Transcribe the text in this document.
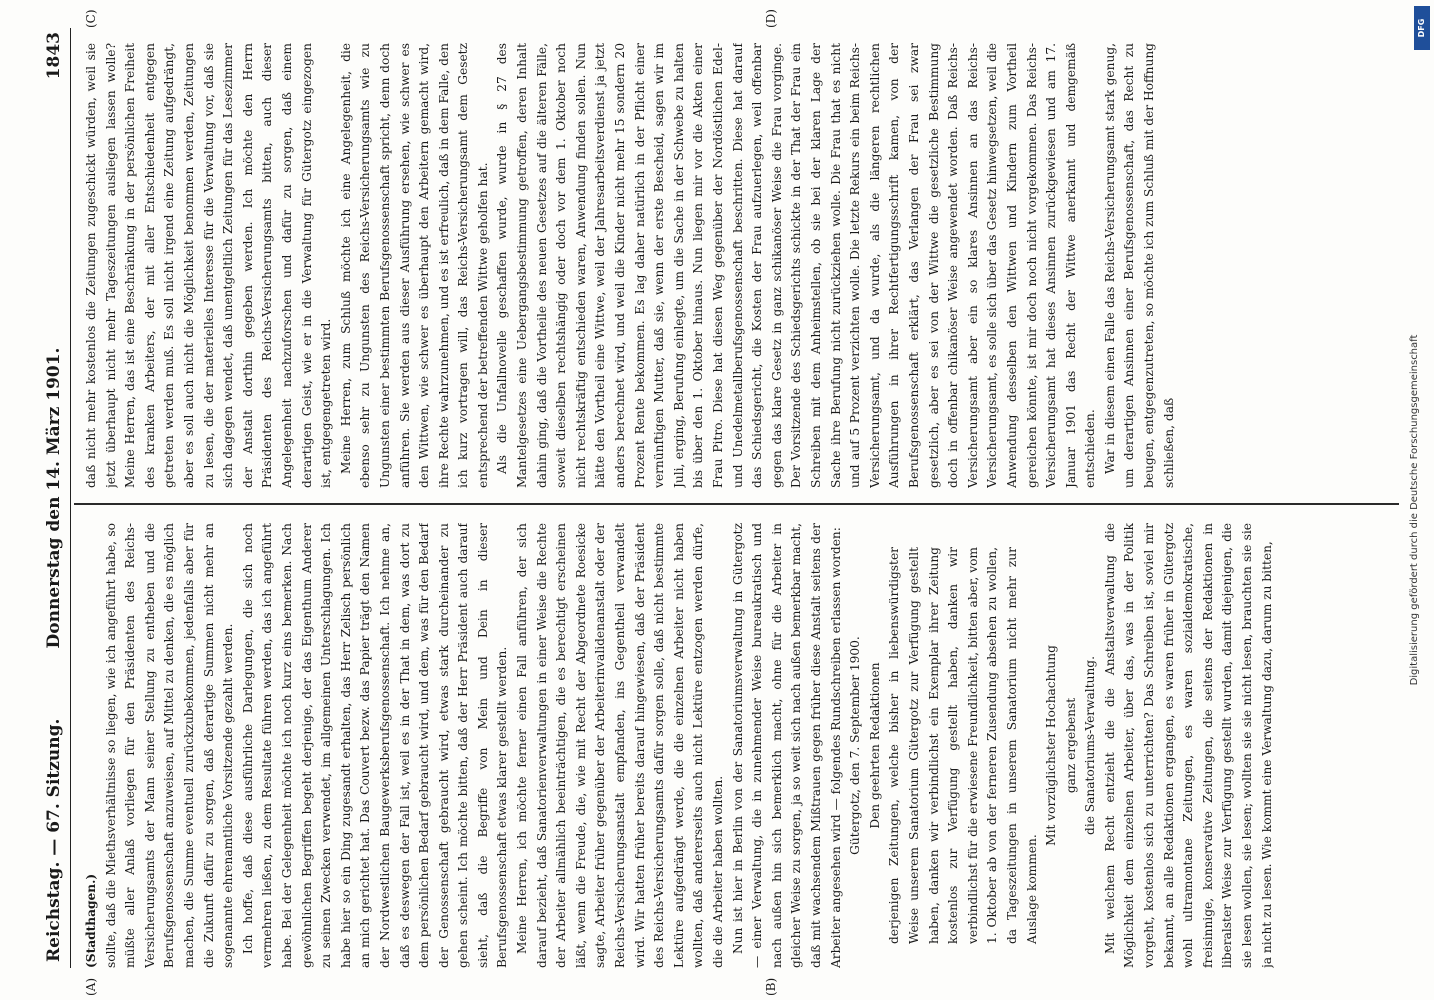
Reichstag. — 67. Sitzung.
Donnerstag den 14. März 1901.
1843

(Stadthagen.) sollte, daß die Miethsverhältnisse so liegen, wie ich angeführt habe, so müßte aller Anlaß vorliegen für den Präsidenten des Reichs-Versicherungsamts der Mann seiner Stellung zu entheben und die Berufsgenossenschaft anzuweisen, auf Mittel zu denken, die es möglich machen, die Summe eventuell zurückzubekommen, jedenfalls aber für die Zukunft dafür zu sorgen, daß derartige Summen nicht mehr an sogenannte ehrenamtliche Vorsitzende gezahlt werden. Ich hoffe, daß diese ausführliche Darlegungen, die sich noch vermehren ließen, zu dem Resultate führen werden, das ich angeführt habe. Bei der Gelegenheit möchte ich noch kurz eins bemerken. Nach gewöhnlichen Begriffen begeht derjenige, der das Eigenthum Anderer zu seinen Zwecken verwendet, im allgemeinen Unterschlagungen. Ich habe hier so ein Ding zugesandt erhalten, das Herr Zelisch persönlich an mich gerichtet hat. Das Couvert bezw. das Papier trägt den Namen der Nordwestlichen Baugewerksberufsgenossenschaft. Ich nehme an, daß es deswegen der Fall ist, weil es in der That in dem, was dort zu dem persönlichen Bedarf gebraucht wird, und dem, was für den Bedarf der Genossenschaft gebraucht wird, etwas stark durcheinander zu gehen scheint. Ich möchte bitten, daß der Herr Präsident auch darauf sieht, daß die Begriffe von Mein und Dein in dieser Berufsgenossenschaft etwas klarer gestellt werden. Meine Herren, ich möchte ferner einen Fall anführen, der sich darauf bezieht, daß Sanatorienverwaltungen in einer Weise die Rechte der Arbeiter allmählich beeinträchtigen, die es berechtigt erscheinen läßt, wenn die Freude, die, wie mit Recht der Abgeordnete Roesicke sagte, Arbeiter früher gegenüber der Arbeiterinvalidenanstalt oder der Reichs-Versicherungsanstalt empfanden, ins Gegentheil verwandelt wird. Wir hatten früher bereits darauf hingewiesen, daß der Präsident des Reichs-Versicherungsamts dafür sorgen solle, daß nicht bestimmte Lektüre aufgedrängt werde, die die einzelnen Arbeiter nicht haben wollten, daß andererseits auch nicht Lektüre entzogen werden dürfe, die die Arbeiter haben wollten. Nun ist hier in Berlin von der Sanatoriumsverwaltung in Gütergotz — einer Verwaltung, die in zunehmender Weise bureaukratisch und nach außen hin sich bemerklich macht, ohne für die Arbeiter in gleicher Weise zu sorgen, ja so weit sich nach außen bemerkbar macht, daß mit wachsendem Mißtrauen gegen früher diese Anstalt seitens der Arbeiter angesehen wird — folgendes Rundschreiben erlassen worden: Gütergotz, den 7. September 1900. Den geehrten Redaktionen derjenigen Zeitungen, welche bisher in liebenswürdigster Weise unserem Sanatorium Gütergotz zur Verfügung gestellt haben, danken wir verbindlichst ein Exemplar ihrer Zeitung kostenlos zur Verfügung gestellt haben, danken wir verbindlichst für die erwiesene Freundlichkeit, bitten aber, vom 1. Oktober ab von der ferneren Zusendung absehen zu wollen, da Tageszeitungen in unserem Sanatorium nicht mehr zur Auslage kommen.

Mit vorzüglichster Hochachtung ganz ergebenst die Sanatoriums-Verwaltung. Mit welchem Recht entzieht die die Anstaltsverwaltung die Möglichkeit dem einzelnen Arbeiter, über das, was in der Politik vorgeht, kostenlos sich zu unterrichten? Das Schreiben ist, soviel mir bekannt, an alle Redaktionen ergangen, es waren früher in Gütergotz wohl ultramontane Zeitungen, es waren sozialdemokratische, freisinnige, konservative Zeitungen, die seitens der Redaktionen in liberalster Weise zur Verfügung gestellt wurden, damit diejenigen, die sie lesen wollen, sie lesen; wollten sie sie nicht lesen, brauchten sie sie ja nicht zu lesen. Wie kommt eine Verwaltung dazu, darum zu bitten,

daß nicht mehr kostenlos die Zeitungen zugeschickt würden, weil sie jetzt überhaupt nicht mehr Tageszeitungen ausliegen lassen wolle? Meine Herren, das ist eine Beschränkung in der persönlichen Freiheit des kranken Arbeiters, der mit aller Entschiedenheit entgegen getreten werden muß. Es soll nicht irgend eine Zeitung aufgedrängt, aber es soll auch nicht die Möglichkeit benommen werden, Zeitungen zu lesen, die der materielles Interesse für die Verwaltung vor, daß sie sich dagegen wendet, daß unentgeltlich Zeitungen für das Lesezimmer der Anstalt dorthin gegeben werden. Ich möchte den Herrn Präsidenten des Reichs-Versicherungsamts bitten, auch dieser Angelegenheit nachzuforschen und dafür zu sorgen, daß einem derartigen Geist, wie er in die Verwaltung für Gütergotz eingezogen ist, entgegengetreten wird. Meine Herren, zum Schluß möchte ich eine Angelegenheit, die ebenso sehr zu Ungunsten des Reichs-Versicherungsamts wie zu Ungunsten einer bestimmten Berufsgenossenschaft spricht, denn doch anführen. Sie werden aus dieser Ausführung ersehen, wie schwer es den Wittwen, wie schwer es überhaupt den Arbeitern gemacht wird, ihre Rechte wahrzunehmen, und es ist erfreulich, daß in dem Falle, den ich kurz vortragen will, das Reichs-Versicherungsamt dem Gesetz entsprechend der betreffenden Wittwe geholfen hat. Als die Unfallnovelle geschaffen wurde, wurde in § 27 des Mantelgesetzes eine Uebergangsbestimmung getroffen, deren Inhalt dahin ging, daß die Vortheile des neuen Gesetzes auf die älteren Fälle, soweit dieselben rechtshängig oder doch vor dem 1. Oktober noch nicht rechtskräftig entschieden waren, Anwendung finden sollen. Nun hätte den Vortheil eine Wittwe, weil der Jahresarbeitsverdienst ja jetzt anders berechnet wird, und weil die Kinder nicht mehr 15 sondern 20 Prozent Rente bekommen. Es lag daher natürlich in der Pflicht einer vernünftigen Mutter, daß sie, wenn der erste Bescheid, sagen wir im Juli, erging, Berufung einlegte, um die Sache in der Schwebe zu halten bis über den 1. Oktober hinaus. Nun liegen mir vor die Akten einer Frau Pitro. Diese hat diesen Weg gegenüber der Nordöstlichen Edel- und Unedelmetallberufsgenossenschaft beschritten. Diese hat darauf das Schiedsgericht, die Kosten der Frau aufzuerlegen, weil offenbar gegen das klare Gesetz in ganz schikanöser Weise die Frau vorginge. Der Vorsitzende des Schiedsgerichts schickte in der That der Frau ein Schreiben mit dem Anheimstellen, ob sie bei der klaren Lage der Sache ihre Berufung nicht zurückziehen wolle. Die Frau that es nicht und auf 5 Prozent verzichten wolle. Die letzte Rekurs ein beim Reichs-Versicherungsamt, und da wurde, als die längeren rechtlichen Ausführungen in ihrer Rechtfertigungsschrift kamen, von der Berufsgenossenschaft erklärt, das Verlangen der Frau sei zwar gesetzlich, aber es sei von der Wittwe die gesetzliche Bestimmung doch in offenbar chikanöser Weise angewendet worden. Daß Reichs-Versicherungsamt aber ein so klares Ansinnen an das Reichs-Versicherungsamt, es solle sich über das Gesetz hinwegsetzen, weil die Anwendung desselben den Wittwen und Kindern zum Vortheil gereichen könnte, ist mir doch noch nicht vorgekommen. Das Reichs-Versicherungsamt hat dieses Ansinnen zurückgewiesen und am 17. Januar 1901 das Recht der Wittwe anerkannt und demgemäß entschieden. War in diesem einen Falle das Reichs-Versicherungsamt stark genug, um derartigen Ansinnen einer Berufsgenossenschaft, das Recht zu beugen, entgegenzutreten, so möchte ich zum Schluß mit der Hoffnung schließen, daß

(A)	(B)
(C)	(D)
DFG
Digitalisierung gefördert durch die Deutsche Forschungsgemeinschaft
